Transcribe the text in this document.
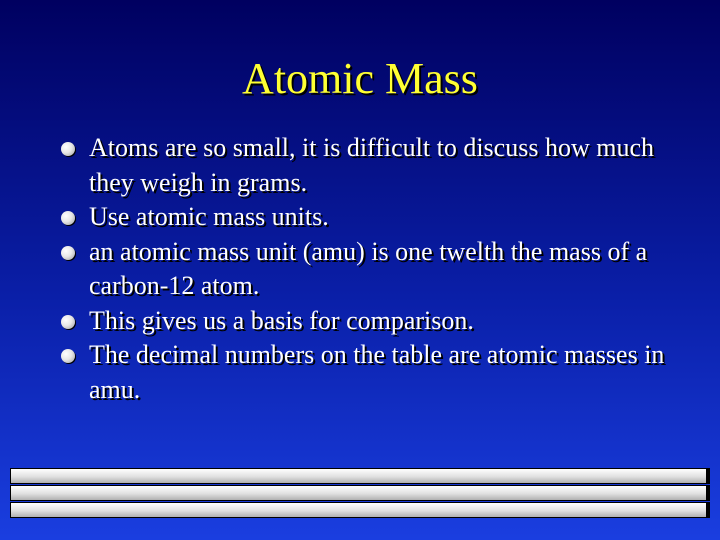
Atomic Mass
Atoms are so small, it is difficult to discuss how much they weigh in grams.
Use atomic mass units.
an atomic mass unit (amu) is one twelth the mass of a carbon-12 atom.
This gives us a basis for comparison.
The decimal numbers on the table are atomic masses in amu.
